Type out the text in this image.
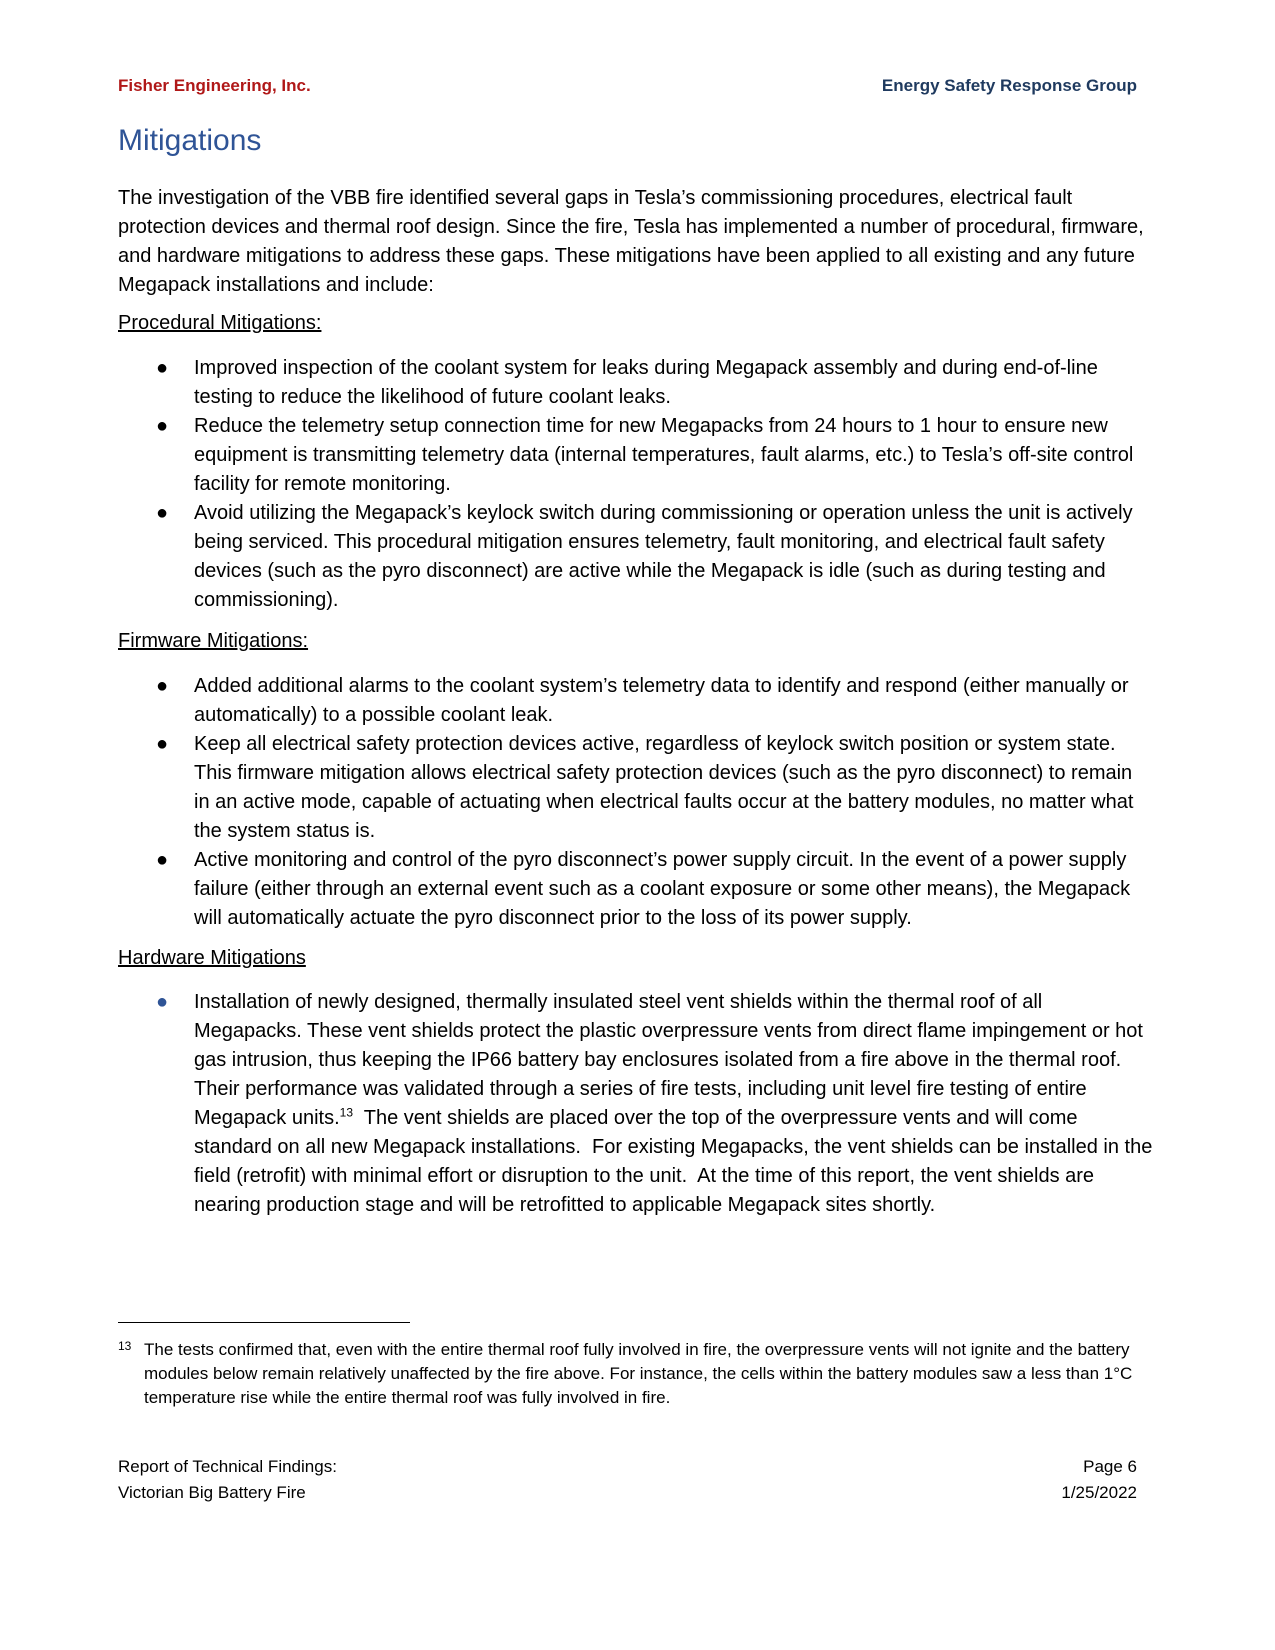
Fisher Engineering, Inc.	Energy Safety Response Group
Mitigations

The investigation of the VBB fire identified several gaps in Tesla’s commissioning procedures, electrical fault protection devices and thermal roof design. Since the fire, Tesla has implemented a number of procedural, firmware, and hardware mitigations to address these gaps. These mitigations have been applied to all existing and any future Megapack installations and include:

Procedural Mitigations:

● Improved inspection of the coolant system for leaks during Megapack assembly and during end-of-line testing to reduce the likelihood of future coolant leaks.
● Reduce the telemetry setup connection time for new Megapacks from 24 hours to 1 hour to ensure new equipment is transmitting telemetry data (internal temperatures, fault alarms, etc.) to Tesla’s off-site control facility for remote monitoring.
● Avoid utilizing the Megapack’s keylock switch during commissioning or operation unless the unit is actively being serviced. This procedural mitigation ensures telemetry, fault monitoring, and electrical fault safety devices (such as the pyro disconnect) are active while the Megapack is idle (such as during testing and commissioning).

Firmware Mitigations:

● Added additional alarms to the coolant system’s telemetry data to identify and respond (either manually or automatically) to a possible coolant leak.
● Keep all electrical safety protection devices active, regardless of keylock switch position or system state. This firmware mitigation allows electrical safety protection devices (such as the pyro disconnect) to remain in an active mode, capable of actuating when electrical faults occur at the battery modules, no matter what the system status is.
● Active monitoring and control of the pyro disconnect’s power supply circuit. In the event of a power supply failure (either through an external event such as a coolant exposure or some other means), the Megapack will automatically actuate the pyro disconnect prior to the loss of its power supply.

Hardware Mitigations

● Installation of newly designed, thermally insulated steel vent shields within the thermal roof of all Megapacks. These vent shields protect the plastic overpressure vents from direct flame impingement or hot gas intrusion, thus keeping the IP66 battery bay enclosures isolated from a fire above in the thermal roof. Their performance was validated through a series of fire tests, including unit level fire testing of entire Megapack units.$^{13}$  The vent shields are placed over the top of the overpressure vents and will come standard on all new Megapack installations.  For existing Megapacks, the vent shields can be installed in the field (retrofit) with minimal effort or disruption to the unit.  At the time of this report, the vent shields are nearing production stage and will be retrofitted to applicable Megapack sites shortly.
13 The tests confirmed that, even with the entire thermal roof fully involved in fire, the overpressure vents will not ignite and the battery modules below remain relatively unaffected by the fire above. For instance, the cells within the battery modules saw a less than 1°C temperature rise while the entire thermal roof was fully involved in fire.
Report of Technical Findings:
Victorian Big Battery Fire
Page 6
1/25/2022
